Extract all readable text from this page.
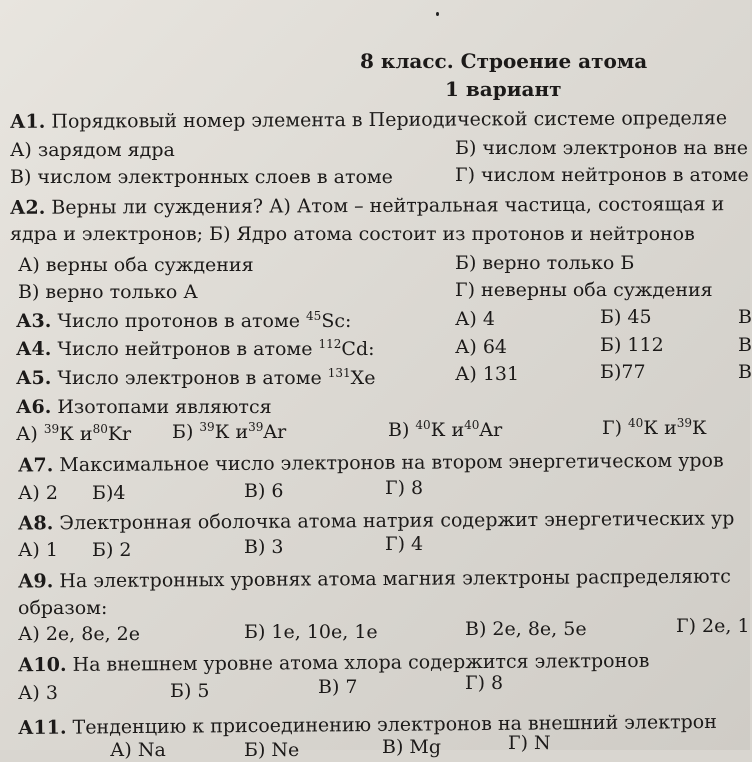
8 класс. Строение атома
1 вариант
А1. Порядковый номер элемента в Периодической системе определяе
А) зарядом ядра	Б) числом электронов на вне
В) числом электронных слоев в атоме	Г) числом нейтронов в атоме
А2. Верны ли суждения? А) Атом – нейтральная частица, состоящая и
ядра и электронов; Б) Ядро атома состоит из протонов и нейтронов
А) верны оба суждения	Б) верно только Б
В) верно только А	Г) неверны оба суждения
А3. Число протонов в атоме $^{45}$Sc:	А) 4	Б) 45	В
А4. Число нейтронов в атоме $^{112}$Cd:	А) 64	Б) 112	В
А5. Число электронов в атоме $^{131}$Xe	А) 131	Б)77	В
А6. Изотопами являются
А) $^{39}$К $и^{80}Kr$ Б) $^{39}$К $и^{39}Ar$	В) $^{40}$К $и^{40}Ar$	Г) $^{40}$К $и^{39}К$
А7. Максимальное число электронов на втором энергетическом уров
А) 2 Б)4	В) 6	Г) 8
А8. Электронная оболочка атома натрия содержит энергетических ур
А) 1 Б) 2	В) 3	Г) 4
А9. На электронных уровнях атома магния электроны распределяютс
образом:
А) 2е, 8е, 2е	Б) 1е, 10е, 1е	В) 2е, 8е, 5е	Г) 2е, 1
А10. На внешнем уровне атома хлора содержится электронов
А) 3	Б) 5	В) 7	Г) 8
А11. Тенденцию к присоединению электронов на внешний электрон
А) Na	Б) Ne	В) Mg	Г) N
